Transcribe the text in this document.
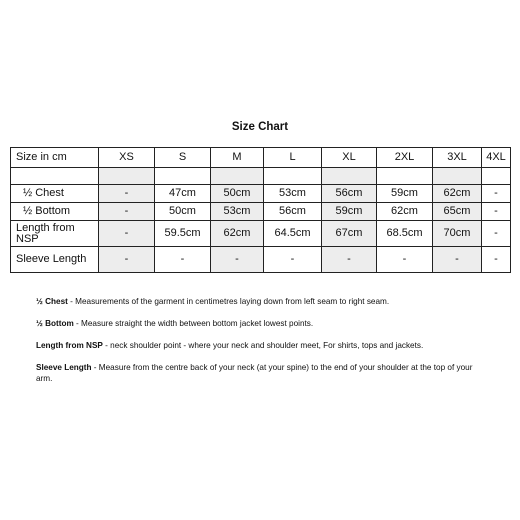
Size Chart
Size in cm	XS	S	M	L	XL	2XL	3XL	4XL

½ Chest	-	47cm	50cm	53cm	56cm	59cm	62cm	-
½ Bottom	-	50cm	53cm	56cm	59cm	62cm	65cm	-
Length from NSP	-	59.5cm	62cm	64.5cm	67cm	68.5cm	70cm	-
Sleeve Length	-	-	-	-	-	-	-	-

½ Chest - Measurements of the garment in centimetres laying down from left seam to right seam.

½ Bottom - Measure straight the width between bottom jacket lowest points.

Length from NSP - neck shoulder point - where your neck and shoulder meet, For shirts, tops and jackets.

Sleeve Length - Measure from the centre back of your neck (at your spine) to the end of your shoulder at the top of your arm.
